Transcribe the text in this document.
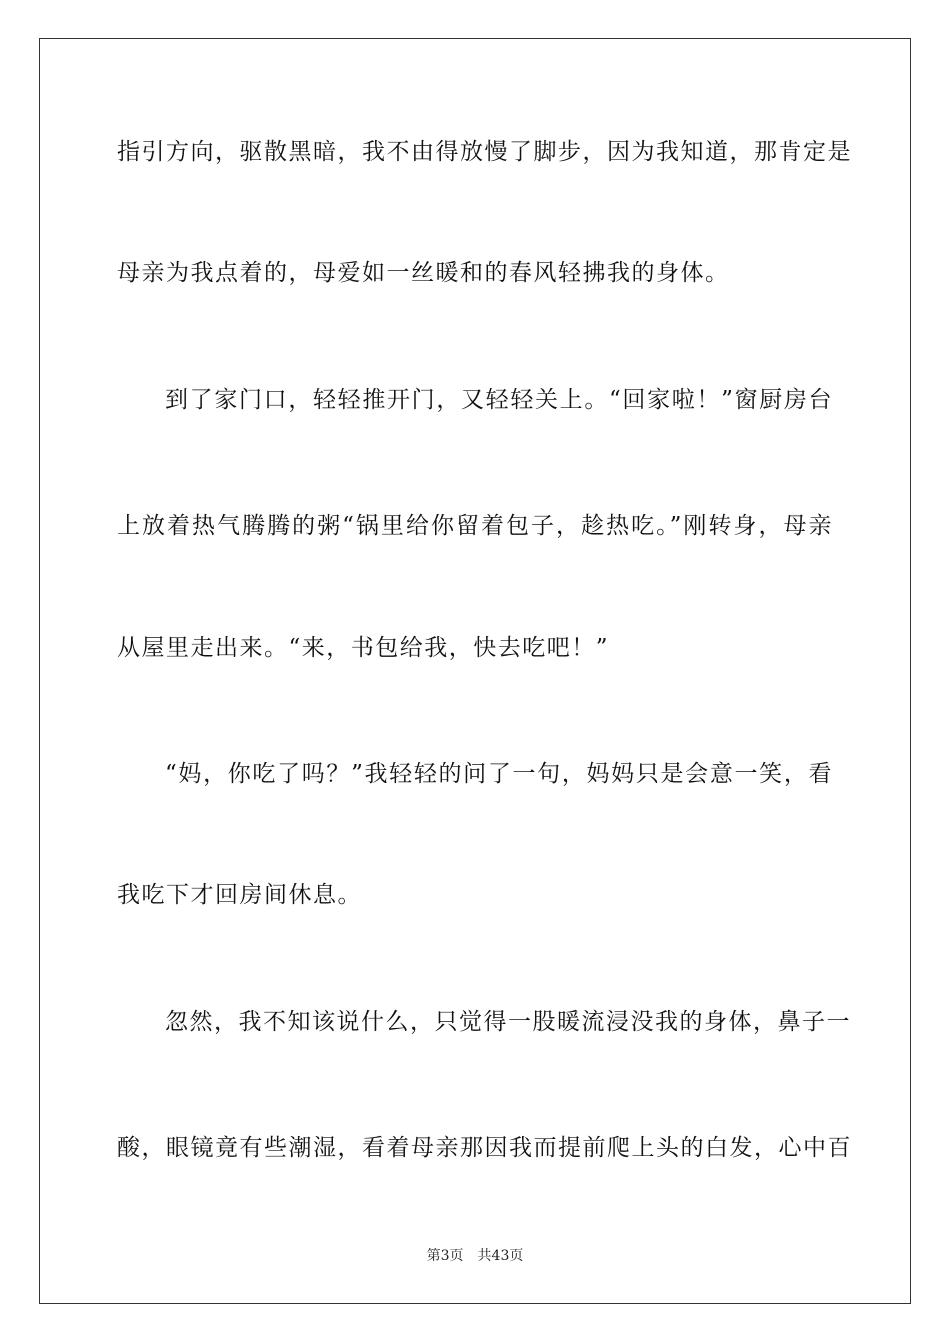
指引方向，驱散黑暗，我不由得放慢了脚步，因为我知道，那肯定是
母亲为我点着的，母爱如一丝暖和的春风轻拂我的身体。
到了家门口，轻轻推开门，又轻轻关上。“回家啦！”窗厨房台
上放着热气腾腾的粥“锅里给你留着包子，趁热吃。”刚转身，母亲
从屋里走出来。“来，书包给我，快去吃吧！”
“妈，你吃了吗？”我轻轻的问了一句，妈妈只是会意一笑，看
我吃下才回房间休息。
忽然，我不知该说什么，只觉得一股暖流浸没我的身体，鼻子一
酸，眼镜竟有些潮湿，看着母亲那因我而提前爬上头的白发，心中百
第3页 共43页
